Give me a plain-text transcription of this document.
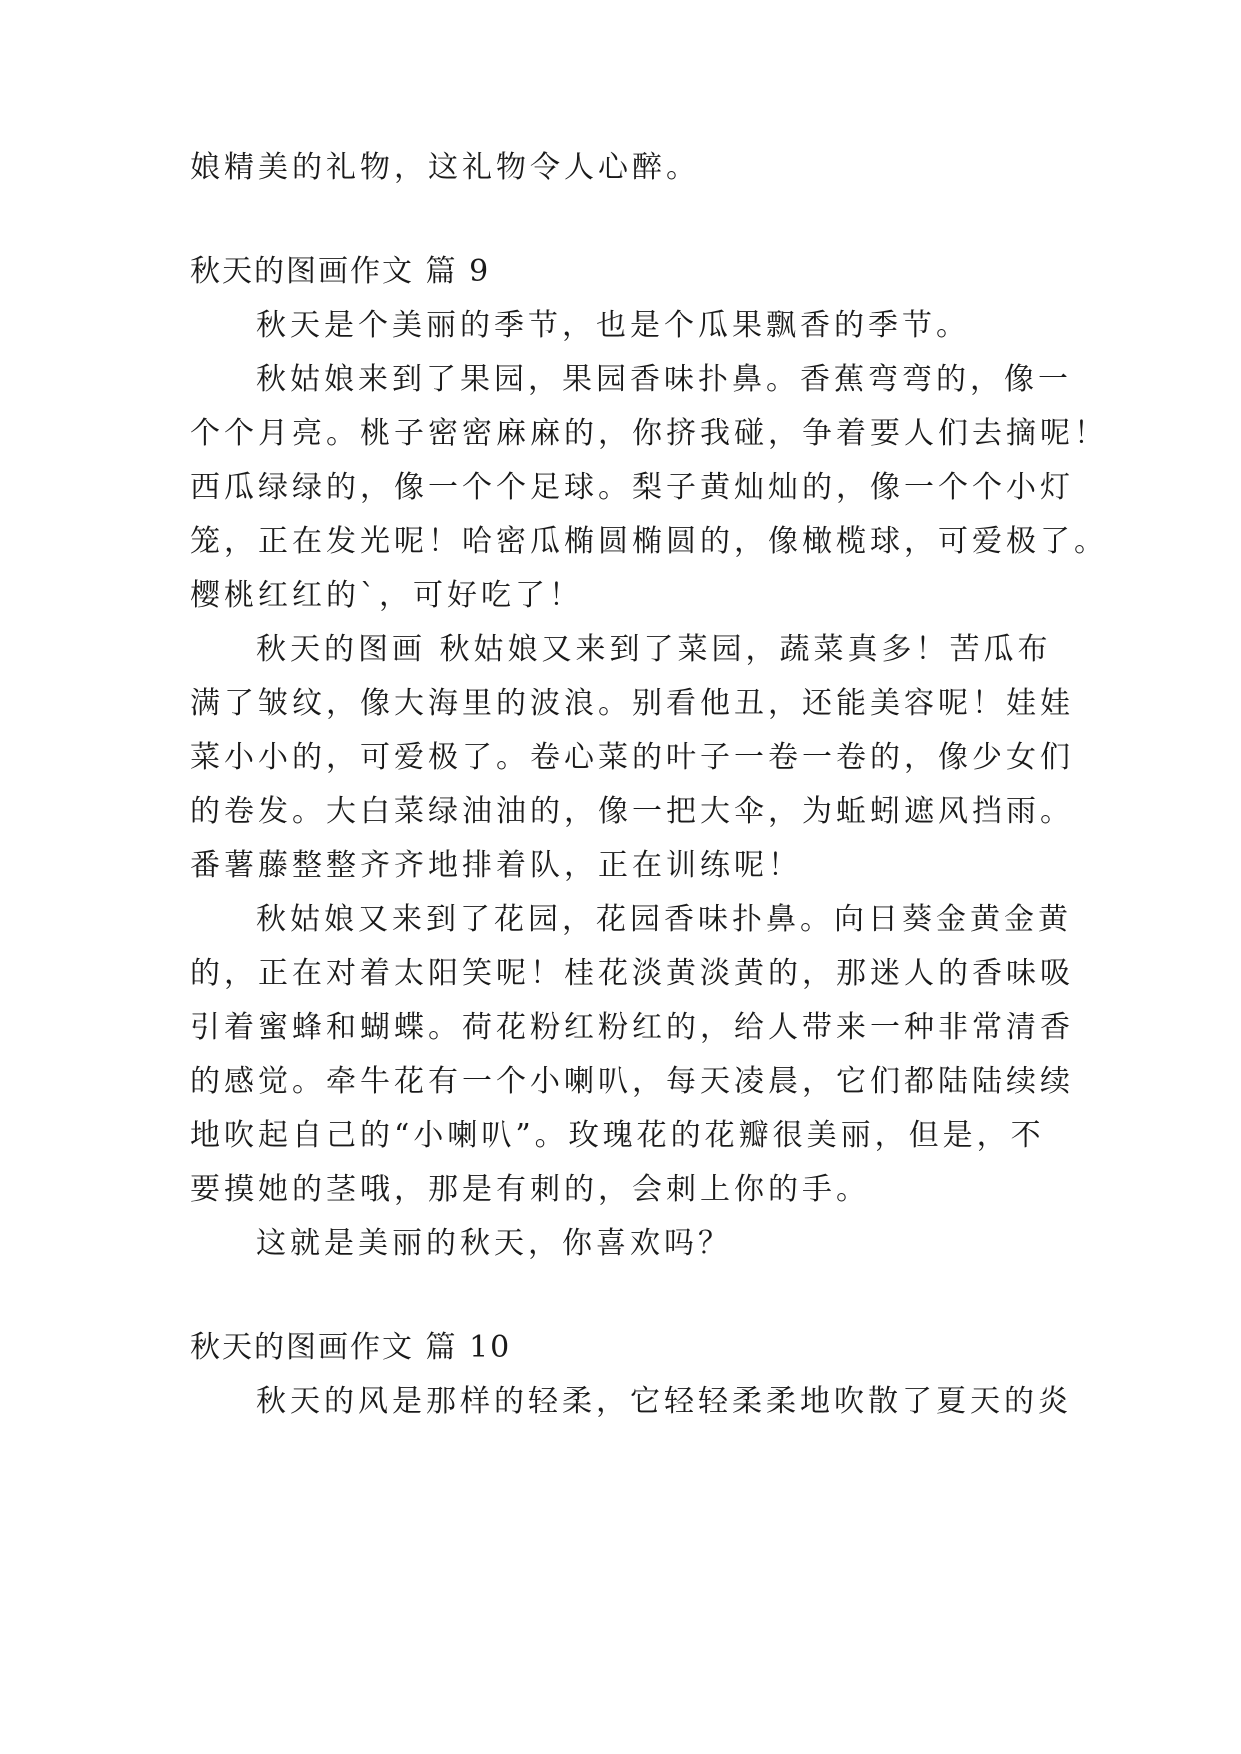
娘精美的礼物，这礼物令人心醉。

秋天的图画作文 篇 9

秋天是个美丽的季节，也是个瓜果飘香的季节。

秋姑娘来到了果园，果园香味扑鼻。香蕉弯弯的，像一

个个月亮。桃子密密麻麻的，你挤我碰，争着要人们去摘呢！

西瓜绿绿的，像一个个足球。梨子黄灿灿的，像一个个小灯

笼，正在发光呢！哈密瓜椭圆椭圆的，像橄榄球，可爱极了。

樱桃红红的`，可好吃了！

秋天的图画 秋姑娘又来到了菜园，蔬菜真多！苦瓜布

满了皱纹，像大海里的波浪。别看他丑，还能美容呢！娃娃

菜小小的，可爱极了。卷心菜的叶子一卷一卷的，像少女们

的卷发。大白菜绿油油的，像一把大伞，为蚯蚓遮风挡雨。

番薯藤整整齐齐地排着队，正在训练呢！

秋姑娘又来到了花园，花园香味扑鼻。向日葵金黄金黄

的，正在对着太阳笑呢！桂花淡黄淡黄的，那迷人的香味吸

引着蜜蜂和蝴蝶。荷花粉红粉红的，给人带来一种非常清香

的感觉。牵牛花有一个小喇叭，每天凌晨，它们都陆陆续续

地吹起自己的“小喇叭”。玫瑰花的花瓣很美丽，但是，不

要摸她的茎哦，那是有刺的，会刺上你的手。

这就是美丽的秋天，你喜欢吗？

秋天的图画作文 篇 10

秋天的风是那样的轻柔，它轻轻柔柔地吹散了夏天的炎
